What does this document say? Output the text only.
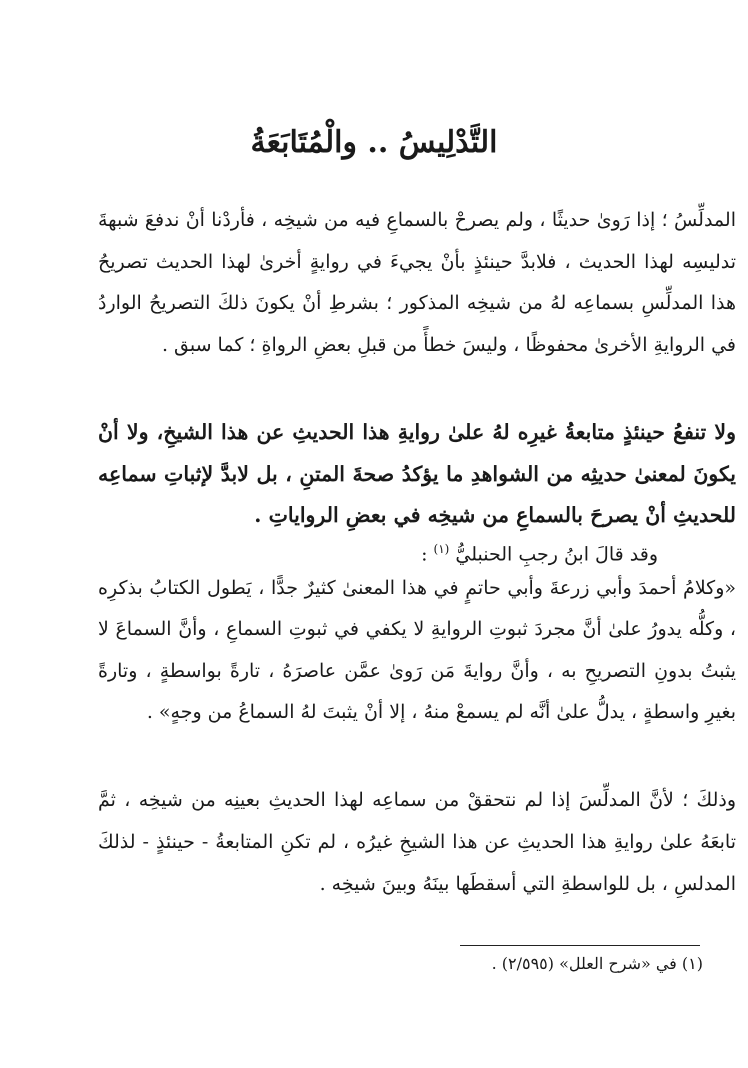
التَّدْلِيسُ .. والْمُتَابَعَةُ

المدلِّسُ ؛ إذا رَوىٰ حديثًا ، ولم يصرحْ بالسماعِ فيه من شيخِه ، فأردْنا أنْ ندفعَ شبهةَ تدليسِه لهذا الحديث ، فلابدَّ حينئذٍ بأنْ يجيءَ في روايةٍ أخرىٰ لهذا الحديث تصريحُ هذا المدلِّسِ بسماعِه لهُ من شيخِه المذكور ؛ بشرطِ أنْ يكونَ ذلكَ التصريحُ الواردُ في الروايةِ الأخرىٰ محفوظًا ، وليسَ خطأً من قبلِ بعضِ الرواةِ ؛ كما سبق .

ولا تنفعُ حينئذٍ متابعةُ غيرِه لهُ علىٰ روايةِ هذا الحديثِ عن هذا الشيخِ، ولا أنْ يكونَ لمعنىٰ حديثِه من الشواهدِ ما يؤكدُ صحةَ المتنِ ، بل لابدَّ لإثباتِ سماعِه للحديثِ أنْ يصرحَ بالسماعِ من شيخِه في بعضِ الرواياتِ .

وقد قالَ ابنُ رجبِ الحنبليُّ $^{(١)}$ :

«وكلامُ أحمدَ وأبي زرعةَ وأبي حاتمٍ في هذا المعنىٰ كثيرٌ جدًّا ، يَطول الكتابُ بذكرِه ، وكلُّه يدورُ علىٰ أنَّ مجردَ ثبوتِ الروايةِ لا يكفي في ثبوتِ السماعِ ، وأنَّ السماعَ لا يثبتُ بدونِ التصريحِ به ، وأنَّ روايةَ مَن رَوىٰ عمَّن عاصرَهُ ، تارةً بواسطةٍ ، وتارةً بغيرِ واسطةٍ ، يدلُّ علىٰ أنَّه لم يسمعْ منهُ ، إلا أنْ يثبتَ لهُ السماعُ من وجهٍ» .

وذلكَ ؛ لأنَّ المدلِّسَ إذا لم نتحققْ من سماعِه لهذا الحديثِ بعينِه من شيخِه ، ثمَّ تابعَهُ علىٰ روايةِ هذا الحديثِ عن هذا الشيخِ غيرُه ، لم تكنِ المتابعةُ - حينئذٍ - لذلكَ المدلسِ ، بل للواسطةِ التي أسقطَها بينَهُ وبينَ شيخِه .

(١) في «شرح العلل» (٢/٥٩٥) .
